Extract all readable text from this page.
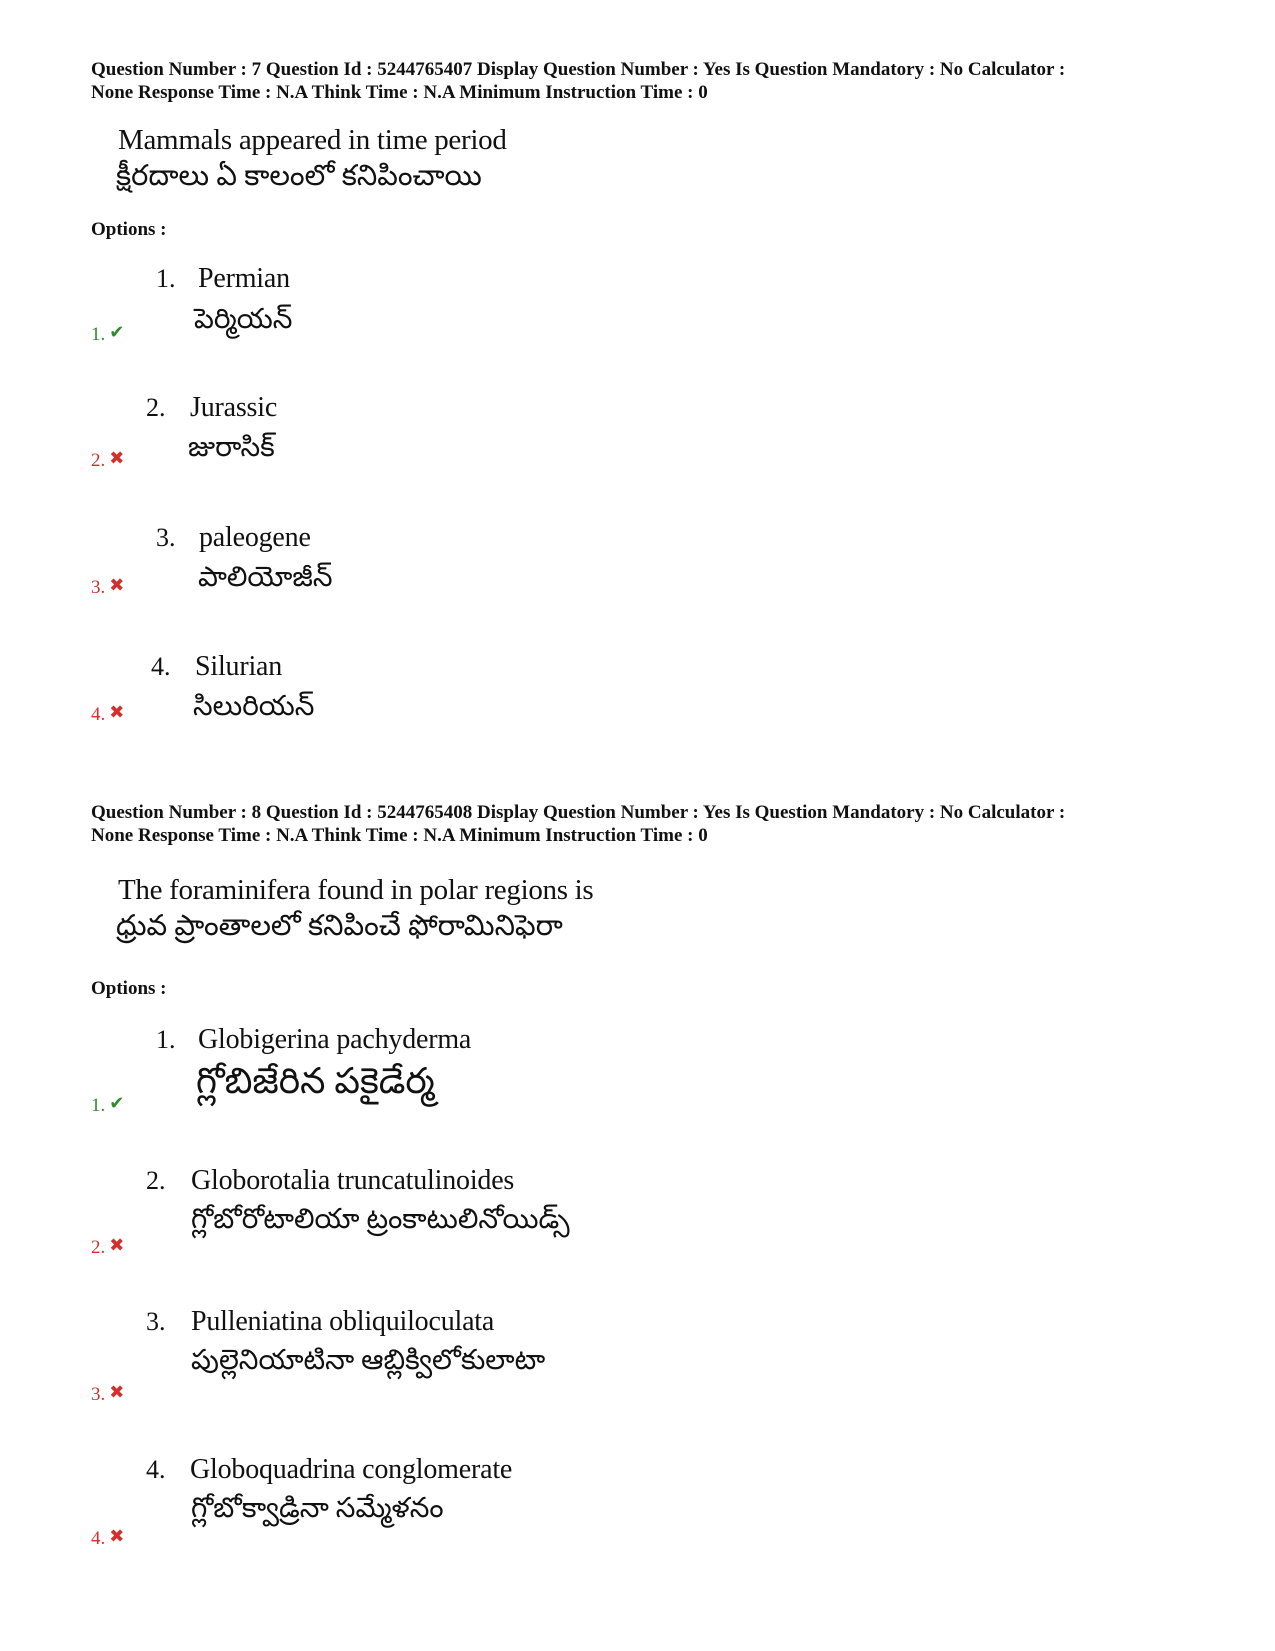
Question Number : 7 Question Id : 5244765407 Display Question Number : Yes Is Question Mandatory : No Calculator :
None Response Time : N.A Think Time : N.A Minimum Instruction Time : 0
Mammals appeared in time period
క్షీరదాలు ఏ కాలంలో కనిపించాయి
Options :
1. Permian
పెర్మియన్
1. ✔
2. Jurassic
జురాసిక్
2. ✖
3. paleogene
పాలియోజీన్
3. ✖
4. Silurian
సిలురియన్
4. ✖
Question Number : 8 Question Id : 5244765408 Display Question Number : Yes Is Question Mandatory : No Calculator :
None Response Time : N.A Think Time : N.A Minimum Instruction Time : 0
The foraminifera found in polar regions is
ధ్రువ ప్రాంతాలలో కనిపించే ఫోరామినిఫెరా
Options :
1. Globigerina pachyderma
గ్లోబిజేరిన పకైడేర్మ
1. ✔
2. Globorotalia truncatulinoides
గ్లోబోరోటాలియా ట్రంకాటులినోయిడ్స్
2. ✖
3. Pulleniatina obliquiloculata
పుల్లెనియాటినా ఆబ్లిక్విలోకులాటా
3. ✖
4. Globoquadrina conglomerate
గ్లోబోక్వాడ్రినా సమ్మేళనం
4. ✖
